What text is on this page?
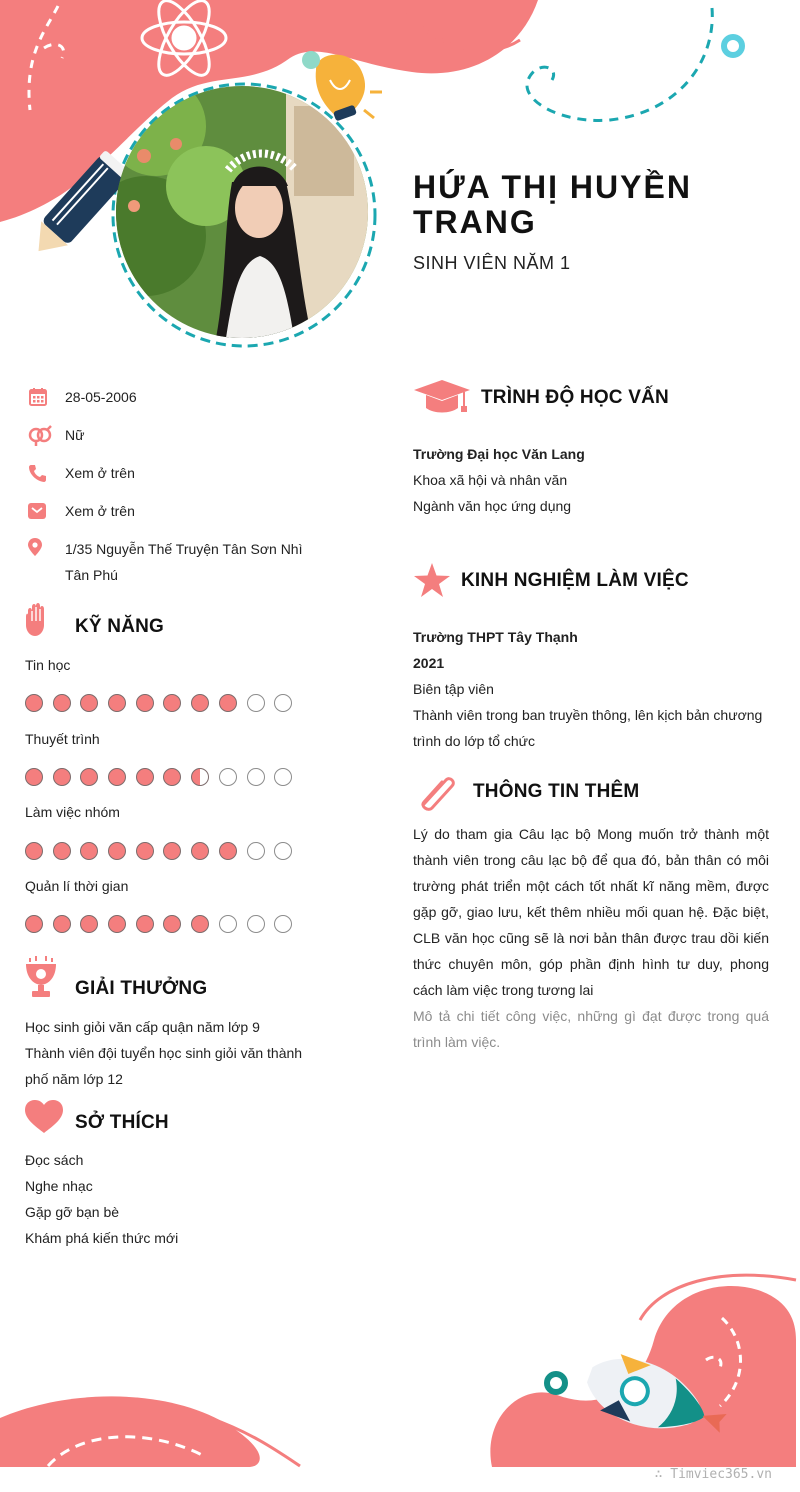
HỨA THỊ HUYỀN TRANG
SINH VIÊN NĂM 1
28-05-2006
Nữ
Xem ở trên
Xem ở trên
1/35 Nguyễn Thế Truyện Tân Sơn Nhì
Tân Phú
KỸ NĂNG
Tin học
Thuyết trình
Làm việc nhóm
Quản lí thời gian
GIẢI THƯỞNG
Học sinh giỏi văn cấp quận năm lớp 9
Thành viên đội tuyển học sinh giỏi văn thành
phố năm lớp 12
SỞ THÍCH
Đọc sách
Nghe nhạc
Gặp gỡ bạn bè
Khám phá kiến thức mới
TRÌNH ĐỘ HỌC VẤN
Trường Đại học Văn Lang
Khoa xã hội và nhân văn
Ngành văn học ứng dụng
KINH NGHIỆM LÀM VIỆC
Trường THPT Tây Thạnh
2021
Biên tập viên
Thành viên trong ban truyền thông, lên kịch bản chương
trình do lớp tổ chức
THÔNG TIN THÊM
Lý do tham gia Câu lạc bộ Mong muốn trở thành một thành viên trong câu lạc bộ để qua đó, bản thân có môi trường phát triển một cách tốt nhất kĩ năng mềm, được gặp gỡ, giao lưu, kết thêm nhiều mối quan hệ. Đặc biệt, CLB văn học cũng sẽ là nơi bản thân được trau dồi kiến thức chuyên môn, góp phần định hình tư duy, phong cách làm việc trong tương lai
Mô tả chi tiết công việc, những gì đạt được trong quá trình làm việc.
∴ Timviec365.vn
